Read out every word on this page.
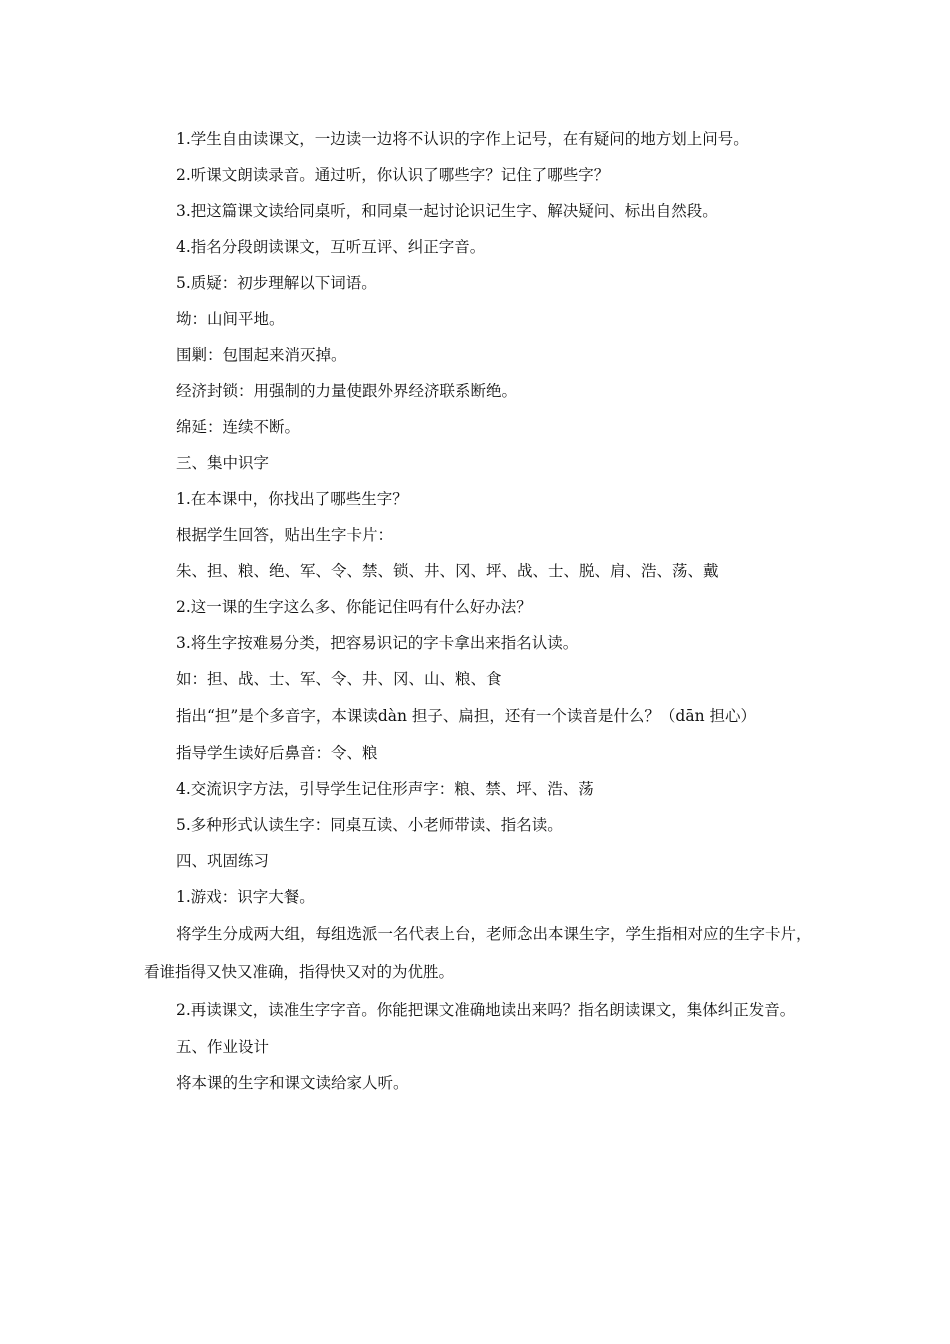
1.学生自由读课文，一边读一边将不认识的字作上记号，在有疑问的地方划上问号。

2.听课文朗读录音。通过听，你认识了哪些字？记住了哪些字？

3.把这篇课文读给同桌听，和同桌一起讨论识记生字、解决疑问、标出自然段。

4.指名分段朗读课文，互听互评、纠正字音。

5.质疑：初步理解以下词语。

坳：山间平地。

围剿：包围起来消灭掉。

经济封锁：用强制的力量使跟外界经济联系断绝。

绵延：连续不断。

三、集中识字

1.在本课中，你找出了哪些生字？

根据学生回答，贴出生字卡片：

朱、担、粮、绝、军、令、禁、锁、井、冈、坪、战、士、脱、肩、浩、荡、戴

2.这一课的生字这么多、你能记住吗有什么好办法？

3.将生字按难易分类，把容易识记的字卡拿出来指名认读。

如：担、战、士、军、令、井、冈、山、粮、食

指出“担”是个多音字，本课读dàn 担子、扁担，还有一个读音是什么？（dān 担心）

指导学生读好后鼻音：令、粮

4.交流识字方法，引导学生记住形声字：粮、禁、坪、浩、荡

5.多种形式认读生字：同桌互读、小老师带读、指名读。

四、巩固练习

1.游戏：识字大餐。

将学生分成两大组，每组选派一名代表上台，老师念出本课生字，学生指相对应的生字卡片，看谁指得又快又准确，指得快又对的为优胜。

2.再读课文，读准生字字音。你能把课文准确地读出来吗？指名朗读课文，集体纠正发音。

五、作业设计

将本课的生字和课文读给家人听。
